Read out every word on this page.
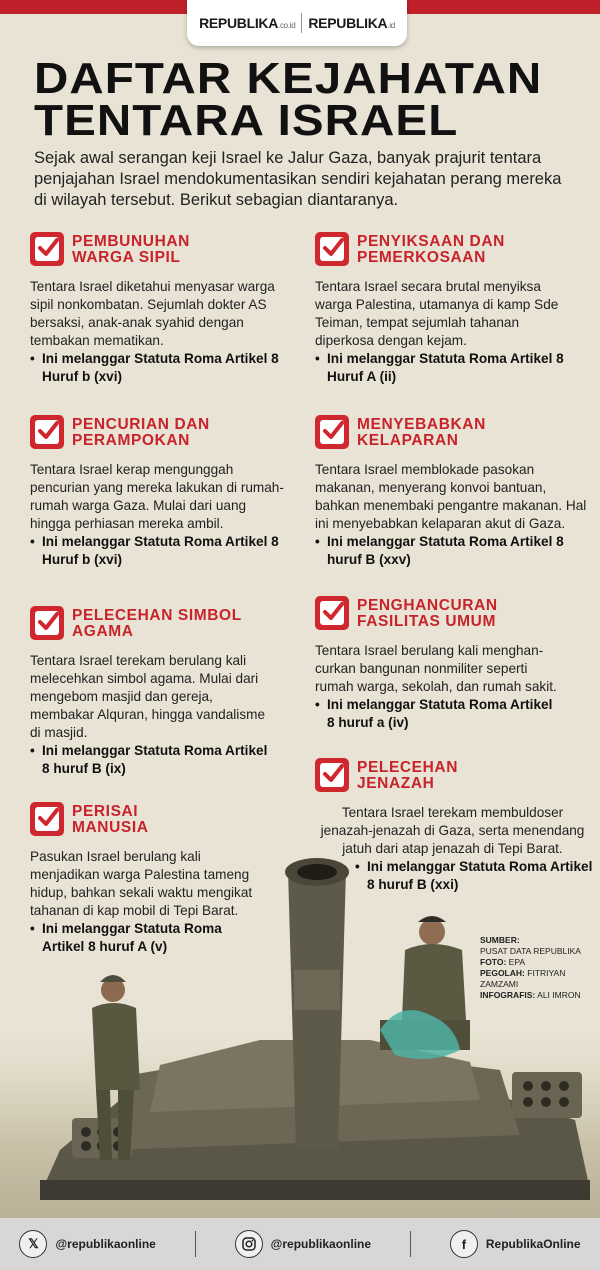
REPUBLIKA.co.id REPUBLIKA.id
DAFTAR KEJAHATAN
TENTARA ISRAEL

Sejak awal serangan keji Israel ke Jalur Gaza, banyak prajurit tentara penjajahan Israel mendokumentasikan sendiri kejahatan perang mereka di wilayah tersebut. Berikut sebagian diantaranya.

PEMBUNUHAN WARGA SIPIL
Tentara Israel diketahui menyasar warga sipil nonkombatan. Sejumlah dokter AS bersaksi, anak-anak syahid dengan tembakan mematikan.
• Ini melanggar Statuta Roma Artikel 8 Huruf b (xvi)
PENYIKSAAN DAN PEMERKOSAAN
Tentara Israel secara brutal menyiksa warga Palestina, utamanya di kamp Sde Teiman, tempat sejumlah tahanan diperkosa dengan kejam.
• Ini melanggar Statuta Roma Artikel 8 Huruf A (ii)
PENCURIAN DAN PERAMPOKAN
Tentara Israel kerap mengunggah pencurian yang mereka lakukan di rumah-rumah warga Gaza. Mulai dari uang hingga perhiasan mereka ambil.
• Ini melanggar Statuta Roma Artikel 8 Huruf b (xvi)
MENYEBABKAN KELAPARAN
Tentara Israel memblokade pasokan makanan, menyerang konvoi bantuan, bahkan menembaki pengantre makanan. Hal ini menyebabkan kelaparan akut di Gaza.
• Ini melanggar Statuta Roma Artikel 8 huruf B (xxv)
PELECEHAN SIMBOL AGAMA
Tentara Israel terekam berulang kali melecehkan simbol agama. Mulai dari mengebom masjid dan gereja, membakar Alquran, hingga vandalisme di masjid.
• Ini melanggar Statuta Roma Artikel 8 huruf B (ix)
PENGHANCURAN FASILITAS UMUM
Tentara Israel berulang kali menghan-curkan bangunan nonmiliter seperti rumah warga, sekolah, dan rumah sakit.
• Ini melanggar Statuta Roma Artikel 8 huruf a (iv)
PERISAI MANUSIA
Pasukan Israel berulang kali menjadikan warga Palestina tameng hidup, bahkan sekali waktu mengikat tahanan di kap mobil di Tepi Barat.
• Ini melanggar Statuta Roma Artikel 8 huruf A (v)
PELECEHAN JENAZAH
Tentara Israel terekam membuldoser jenazah-jenazah di Gaza, serta menendang jatuh dari atap jenazah di Tepi Barat.
• Ini melanggar Statuta Roma Artikel 8 huruf B (xxi)
SUMBER:
PUSAT DATA REPUBLIKA
FOTO: EPA
PEGOLAH: FITRIYAN ZAMZAMI
INFOGRAFIS: ALI IMRON
𝕏	@republikaonline	@republikaonline	f	RepublikaOnline
